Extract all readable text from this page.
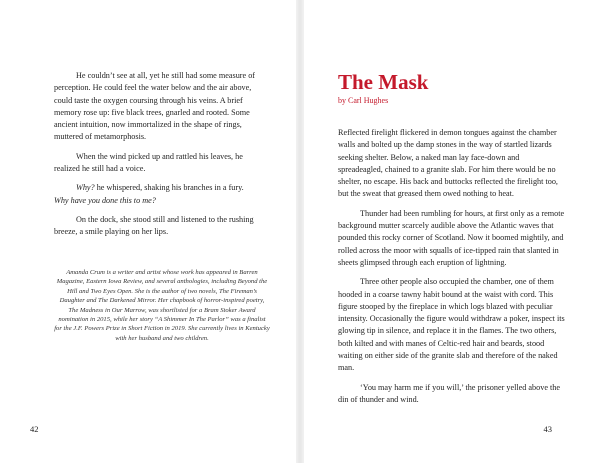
He couldn’t see at all, yet he still had some measure of perception. He could feel the water below and the air above, could taste the oxygen coursing through his veins. A brief memory rose up: five black trees, gnarled and rooted. Some ancient intuition, now immortalized in the shape of rings, muttered of metamorphosis.

When the wind picked up and rattled his leaves, he realized he still had a voice.

Why? he whispered, shaking his branches in a fury.
Why have you done this to me?

On the dock, she stood still and listened to the rushing breeze, a smile playing on her lips.

Amanda Crum is a writer and artist whose work has appeared in Barren Magazine, Eastern Iowa Review, and several anthologies, including Beyond the Hill and Two Eyes Open. She is the author of two novels, The Fireman’s Daughter and The Darkened Mirror. Her chapbook of horror-inspired poetry, The Madness in Our Marrow, was shortlisted for a Bram Stoker Award nomination in 2015, while her story “A Shimmer In The Parlor” was a finalist for the J.F. Powers Prize in Short Fiction in 2019. She currently lives in Kentucky with her husband and two children.

42
The Mask
by Carl Hughes

Reflected firelight flickered in demon tongues against the chamber walls and bolted up the damp stones in the way of startled lizards seeking shelter. Below, a naked man lay face-down and spreadeagled, chained to a granite slab. For him there would be no shelter, no escape. His back and buttocks reflected the firelight too, but the sweat that greased them owed nothing to heat.

Thunder had been rumbling for hours, at first only as a remote background mutter scarcely audible above the Atlantic waves that pounded this rocky corner of Scotland. Now it boomed mightily, and rolled across the moor with squalls of ice-tipped rain that slanted in sheets glimpsed through each eruption of lightning.

Three other people also occupied the chamber, one of them hooded in a coarse tawny habit bound at the waist with cord. This figure stooped by the fireplace in which logs blazed with peculiar intensity. Occasionally the figure would withdraw a poker, inspect its glowing tip in silence, and replace it in the flames. The two others, both kilted and with manes of Celtic-red hair and beards, stood waiting on either side of the granite slab and therefore of the naked man.

‘You may harm me if you will,’ the prisoner yelled above the din of thunder and wind.

43
